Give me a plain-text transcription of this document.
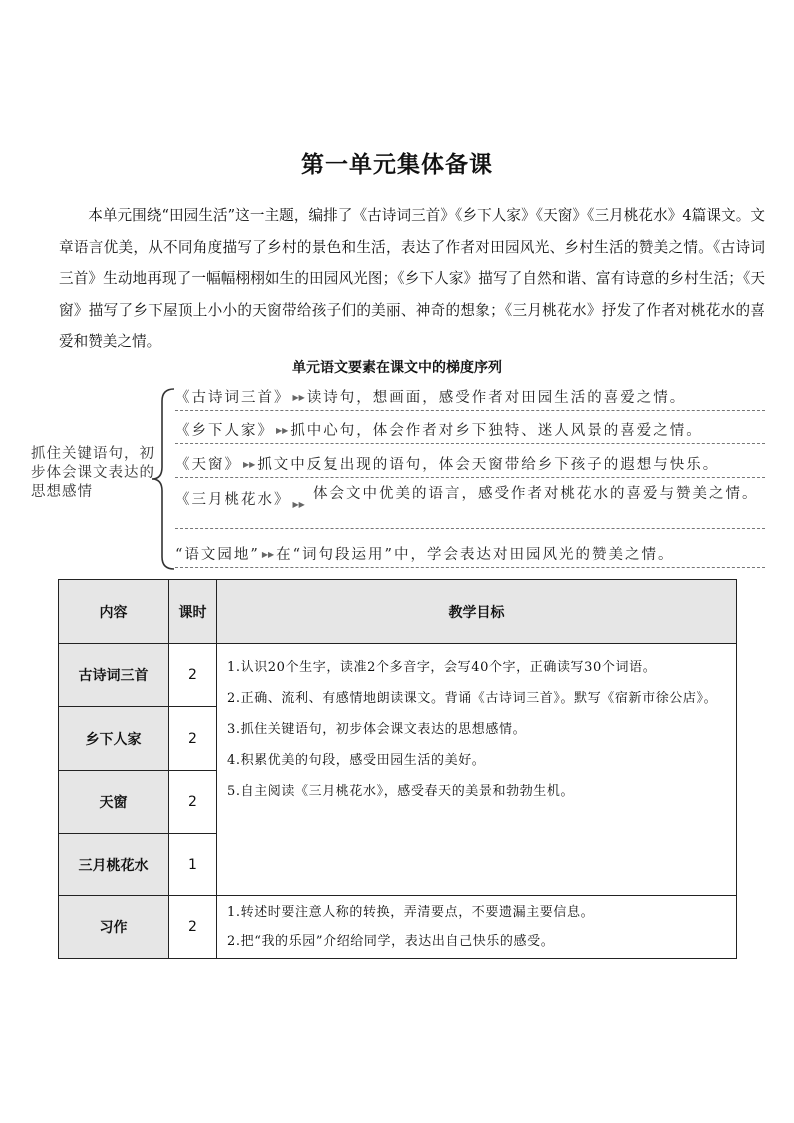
第一单元集体备课
本单元围绕“田园生活”这一主题，编排了《古诗词三首》《乡下人家》《天窗》《三月桃花水》4篇课文。文章语言优美，从不同角度描写了乡村的景色和生活，表达了作者对田园风光、乡村生活的赞美之情。《古诗词三首》生动地再现了一幅幅栩栩如生的田园风光图；《乡下人家》描写了自然和谐、富有诗意的乡村生活；《天窗》描写了乡下屋顶上小小的天窗带给孩子们的美丽、神奇的想象；《三月桃花水》抒发了作者对桃花水的喜爱和赞美之情。
单元语文要素在课文中的梯度序列
抓住关键语句，初步体会课文表达的思想感情
《古诗词三首》 ▶▶ 读诗句，想画面，感受作者对田园生活的喜爱之情。
《乡下人家》 ▶▶ 抓中心句，体会作者对乡下独特、迷人风景的喜爱之情。
《天窗》 ▶▶ 抓文中反复出现的语句，体会天窗带给乡下孩子的遐想与快乐。
《三月桃花水》 ▶▶
体会文中优美的语言，感受作者对桃花水的喜爱与赞美之情。
“语文园地” ▶▶ 在“词句段运用”中，学会表达对田园风光的赞美之情。
内容	课时	教学目标
古诗词三首	2	1.认识20个生字，读准2个多音字，会写40个字，正确读写30个词语。
2.正确、流利、有感情地朗读课文。背诵《古诗词三首》。默写《宿新市徐公店》。
3.抓住关键语句，初步体会课文表达的思想感情。
4.积累优美的句段，感受田园生活的美好。
5.自主阅读《三月桃花水》，感受春天的美景和勃勃生机。

乡下人家	2	
天窗	2	
三月桃花水	1	
习作	2	1.转述时要注意人称的转换，弄清要点，不要遗漏主要信息。
2.把“我的乐园”介绍给同学，表达出自己快乐的感受。
